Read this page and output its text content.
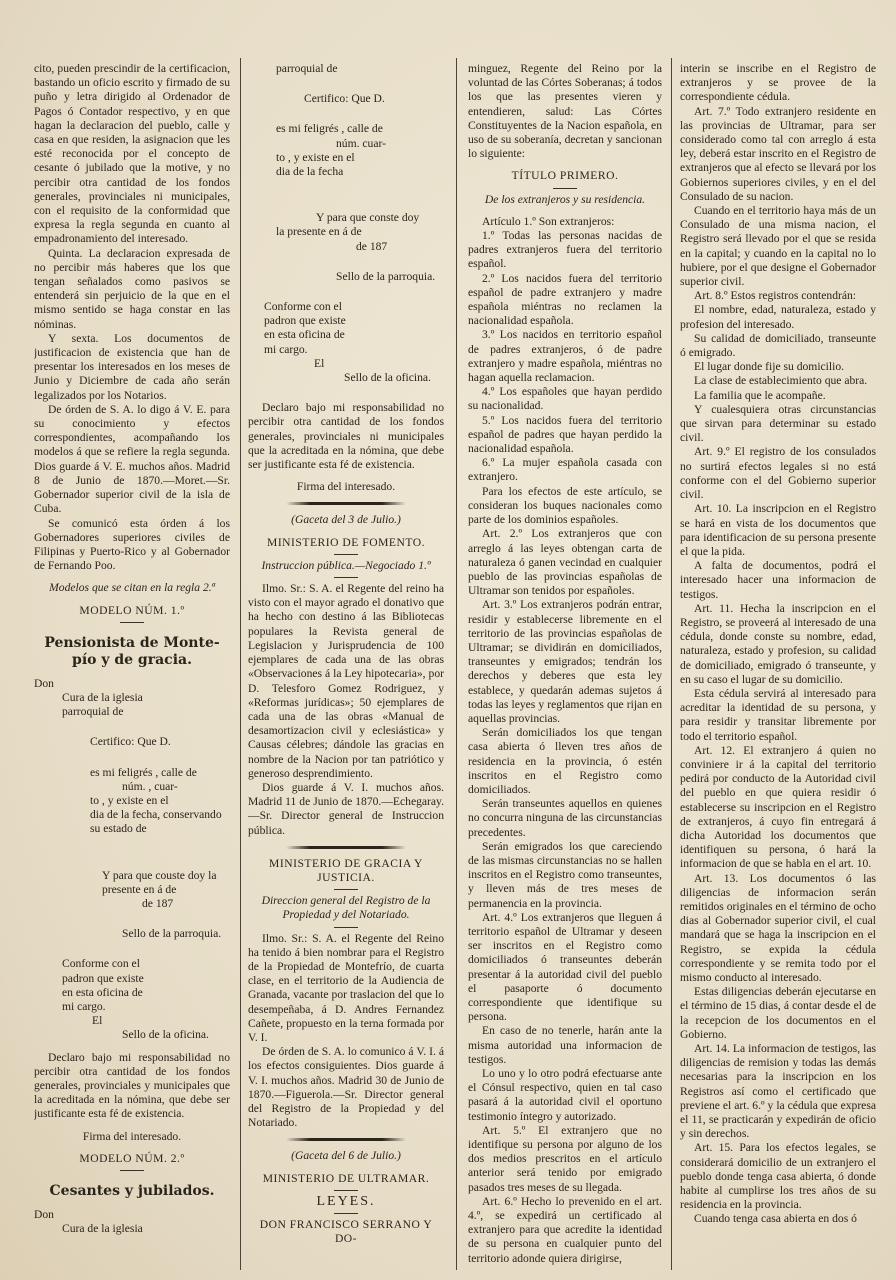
cito, pueden prescindir de la certificacion, bastando un oficio escrito y firmado de su puño y letra dirigido al Ordenador de Pagos ó Contador respectivo, y en que hagan la declaracion del pueblo, calle y casa en que residen, la asignacion que les esté reconocida por el concepto de cesante ó jubilado que la motive, y no percibir otra cantidad de los fondos generales, provinciales ni municipales, con el requisito de la conformidad que expresa la regla segunda en cuanto al empadronamiento del interesado.

Quinta. La declaracion expresada de no percibir más haberes que los que tengan señalados como pasivos se entenderá sin perjuicio de la que en el mismo sentido se haga constar en las nóminas.

Y sexta. Los documentos de justificacion de existencia que han de presentar los interesados en los meses de Junio y Diciembre de cada año serán legalizados por los Notarios.

De órden de S. A. lo digo á V. E. para su conocimiento y efectos correspondientes, acompañando los modelos á que se refiere la regla segunda. Dios guarde á V. E. muchos años. Madrid 8 de Junio de 1870.—Moret.—Sr. Gobernador superior civil de la isla de Cuba.

Se comunicó esta órden á los Gobernadores superiores civiles de Filipinas y Puerto-Rico y al Gobernador de Fernando Poo.

Modelos que se citan en la regla 2.ª

MODELO NÚM. 1.º

Pensionista de Monte-pío y de gracia.

Don

Cura de la iglesia

parroquial de

Certifico: Que D.

es mi feligrés , calle de

núm. , cuar-

to , y existe en el

dia de la fecha, conservando

su estado de

Y para que couste doy la

presente en á de

de 187

Sello de la parroquia.

Conforme con el

padron que existe

en esta oficina de

mi cargo.

El

Sello de la oficina.

Declaro bajo mi responsabilidad no percibir otra cantidad de los fondos generales, provinciales y municipales que la acreditada en la nómina, que debe ser justificante esta fé de existencia.

Firma del interesado.

MODELO NÚM. 2.º

Cesantes y jubilados.

Don

Cura de la iglesia

parroquial de

Certifico: Que D.

es mi feligrés , calle de

núm. cuar-

to , y existe en el

dia de la fecha

Y para que conste doy

la presente en á de

de 187

Sello de la parroquia.

Conforme con el

padron que existe

en esta oficina de

mi cargo.

El

Sello de la oficina.

Declaro bajo mi responsabilidad no percibir otra cantidad de los fondos generales, provinciales ni municipales que la acreditada en la nómina, que debe ser justificante esta fé de existencia.

Firma del interesado.

(Gaceta del 3 de Julio.)

MINISTERIO DE FOMENTO.

Instruccion pública.—Negociado 1.º

Ilmo. Sr.: S. A. el Regente del reino ha visto con el mayor agrado el donativo que ha hecho con destino á las Bibliotecas populares la Revista general de Legislacion y Jurisprudencia de 100 ejemplares de cada una de las obras «Observaciones á la Ley hipotecaria», por D. Telesforo Gomez Rodriguez, y «Reformas jurídicas»; 50 ejemplares de cada una de las obras «Manual de desamortizacion civil y eclesiástica» y Causas célebres; dándole las gracias en nombre de la Nacion por tan patriótico y generoso desprendimiento.

Dios guarde á V. I. muchos años. Madrid 11 de Junio de 1870.—Echegaray.—Sr. Director general de Instruccion pública.

MINISTERIO DE GRACIA Y JUSTICIA.

Direccion general del Registro de la Propiedad y del Notariado.

Ilmo. Sr.: S. A. el Regente del Reino ha tenido á bien nombrar para el Registro de la Propiedad de Montefrío, de cuarta clase, en el territorio de la Audiencia de Granada, vacante por traslacion del que lo desempeñaba, á D. Andres Fernandez Cañete, propuesto en la terna formada por V. I.

De órden de S. A. lo comunico á V. I. á los efectos consiguientes. Dios guarde á V. I. muchos años. Madrid 30 de Junio de 1870.—Figuerola.—Sr. Director general del Registro de la Propiedad y del Notariado.

(Gaceta del 6 de Julio.)

MINISTERIO DE ULTRAMAR.

LEYES.

DON FRANCISCO SERRANO Y DO-

minguez, Regente del Reino por la voluntad de las Córtes Soberanas; á todos los que las presentes vieren y entendieren, salud: Las Córtes Constituyentes de la Nacion española, en uso de su soberanía, decretan y sancionan lo siguiente:

TÍTULO PRIMERO.

De los extranjeros y su residencia.

Artículo 1.º Son extranjeros:

1.º Todas las personas nacidas de padres extranjeros fuera del territorio español.

2.º Los nacidos fuera del territorio español de padre extranjero y madre española miéntras no reclamen la nacionalidad española.

3.º Los nacidos en territorio español de padres extranjeros, ó de padre extranjero y madre española, miéntras no hagan aquella reclamacion.

4.º Los españoles que hayan perdido su nacionalidad.

5.º Los nacidos fuera del territorio español de padres que hayan perdido la nacionalidad española.

6.º La mujer española casada con extranjero.

Para los efectos de este artículo, se consideran los buques nacionales como parte de los dominios españoles.

Art. 2.º Los extranjeros que con arreglo á las leyes obtengan carta de naturaleza ó ganen vecindad en cualquier pueblo de las provincias españolas de Ultramar son tenidos por españoles.

Art. 3.º Los extranjeros podrán entrar, residir y establecerse libremente en el territorio de las provincias españolas de Ultramar; se dividirán en domiciliados, transeuntes y emigrados; tendrán los derechos y deberes que esta ley establece, y quedarán ademas sujetos á todas las leyes y reglamentos que rijan en aquellas provincias.

Serán domiciliados los que tengan casa abierta ó lleven tres años de residencia en la provincia, ó estén inscritos en el Registro como domiciliados.

Serán transeuntes aquellos en quienes no concurra ninguna de las circunstancias precedentes.

Serán emigrados los que careciendo de las mismas circunstancias no se hallen inscritos en el Registro como transeuntes, y lleven más de tres meses de permanencia en la provincia.

Art. 4.º Los extranjeros que lleguen á territorio español de Ultramar y deseen ser inscritos en el Registro como domiciliados ó transeuntes deberán presentar á la autoridad civil del pueblo el pasaporte ó documento correspondiente que identifique su persona.

En caso de no tenerle, harán ante la misma autoridad una informacion de testigos.

Lo uno y lo otro podrá efectuarse ante el Cónsul respectivo, quien en tal caso pasará á la autoridad civil el oportuno testimonio íntegro y autorizado.

Art. 5.º El extranjero que no identifique su persona por alguno de los dos medios prescritos en el artículo anterior será tenido por emigrado pasados tres meses de su llegada.

Art. 6.º Hecho lo prevenido en el art. 4.º, se expedirá un certificado al extranjero para que acredite la identidad de su persona en cualquier punto del territorio adonde quiera dirigirse,

interin se inscribe en el Registro de extranjeros y se provee de la correspondiente cédula.

Art. 7.º Todo extranjero residente en las provincias de Ultramar, para ser considerado como tal con arreglo á esta ley, deberá estar inscrito en el Registro de extranjeros que al efecto se llevará por los Gobiernos superiores civiles, y en el del Consulado de su nacion.

Cuando en el territorio haya más de un Consulado de una misma nacion, el Registro será llevado por el que se resida en la capital; y cuando en la capital no lo hubiere, por el que designe el Gobernador superior civil.

Art. 8.º Estos registros contendrán:

El nombre, edad, naturaleza, estado y profesion del interesado.

Su calidad de domiciliado, transeunte ó emigrado.

El lugar donde fije su domicilio.

La clase de establecimiento que abra.

La familia que le acompañe.

Y cualesquiera otras circunstancias que sirvan para determinar su estado civil.

Art. 9.º El registro de los consulados no surtirá efectos legales si no está conforme con el del Gobierno superior civil.

Art. 10. La inscripcion en el Registro se hará en vista de los documentos que para identificacion de su persona presente el que la pida.

A falta de documentos, podrá el interesado hacer una informacion de testigos.

Art. 11. Hecha la inscripcion en el Registro, se proveerá al interesado de una cédula, donde conste su nombre, edad, naturaleza, estado y profesion, su calidad de domiciliado, emigrado ó transeunte, y en su caso el lugar de su domicilio.

Esta cédula servirá al interesado para acreditar la identidad de su persona, y para residir y transitar libremente por todo el territorio español.

Art. 12. El extranjero á quien no conviniere ir á la capital del territorio pedirá por conducto de la Autoridad civil del pueblo en que quiera residir ó establecerse su inscripcion en el Registro de extranjeros, á cuyo fin entregará á dicha Autoridad los documentos que identifiquen su persona, ó hará la informacion de que se habla en el art. 10.

Art. 13. Los documentos ó las diligencias de informacion serán remitidos originales en el término de ocho dias al Gobernador superior civil, el cual mandará que se haga la inscripcion en el Registro, se expida la cédula correspondiente y se remita todo por el mismo conducto al interesado.

Estas diligencias deberán ejecutarse en el término de 15 dias, á contar desde el de la recepcion de los documentos en el Gobierno.

Art. 14. La informacion de testigos, las diligencias de remision y todas las demás necesarias para la inscripcion en los Registros así como el certificado que previene el art. 6.º y la cédula que expresa el 11, se practicarán y expedirán de oficio y sin derechos.

Art. 15. Para los efectos legales, se considerará domicilio de un extranjero el pueblo donde tenga casa abierta, ó donde habite al cumplirse los tres años de su residencia en la provincia.

Cuando tenga casa abierta en dos ó
